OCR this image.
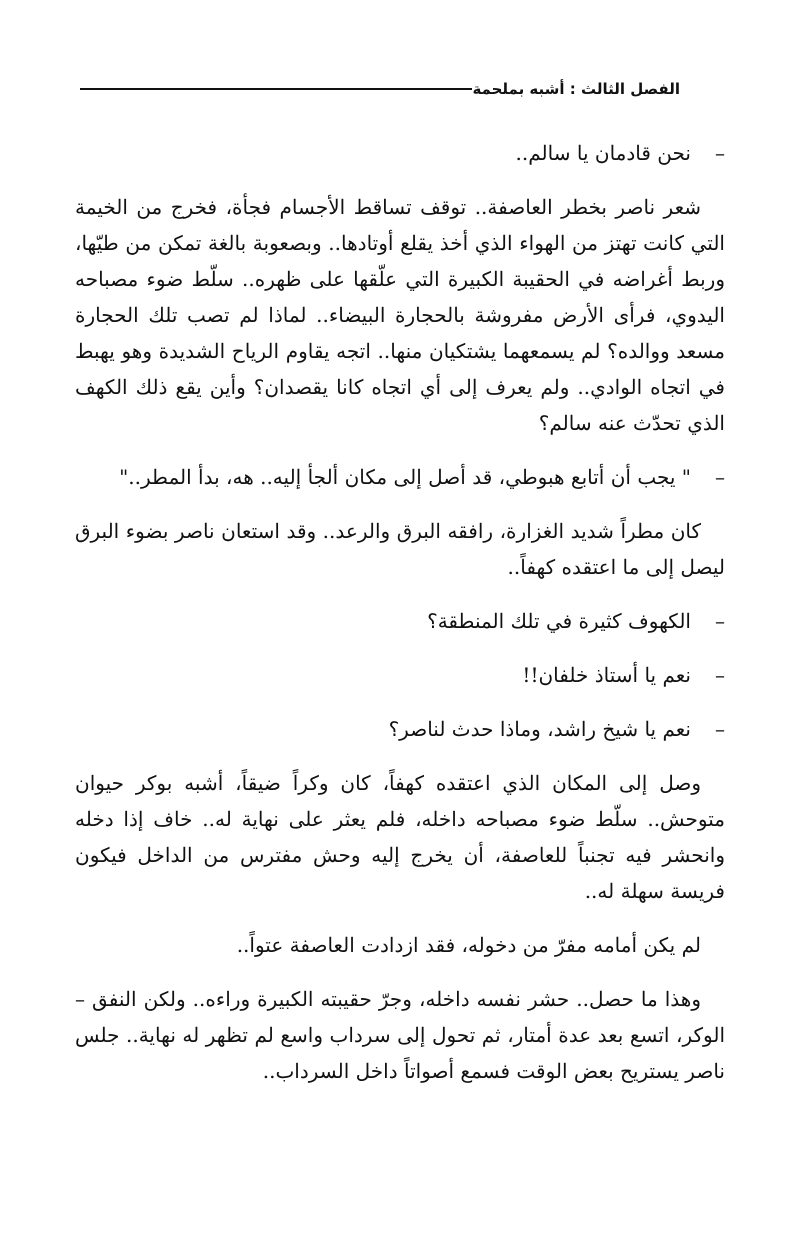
الفصل الثالث : أشبه بملحمة
–
نحن قادمان يا سالم..

شعر ناصر بخطر العاصفة.. توقف تساقط الأجسام فجأة، فخرج من الخيمة التي كانت تهتز من الهواء الذي أخذ يقلع أوتادها.. وبصعوبة بالغة تمكن من طيّها، وربط أغراضه في الحقيبة الكبيرة التي علّقها على ظهره.. سلّط ضوء مصباحه اليدوي، فرأى الأرض مفروشة بالحجارة البيضاء.. لماذا لم تصب تلك الحجارة مسعد ووالده؟ لم يسمعهما يشتكيان منها.. اتجه يقاوم الرياح الشديدة وهو يهبط في اتجاه الوادي.. ولم يعرف إلى أي اتجاه كانا يقصدان؟ وأين يقع ذلك الكهف الذي تحدّث عنه سالم؟

–
" يجب أن أتابع هبوطي، قد أصل إلى مكان ألجأ إليه.. هه، بدأ المطر.."

كان مطراً شديد الغزارة، رافقه البرق والرعد.. وقد استعان ناصر بضوء البرق ليصل إلى ما اعتقده كهفاً..

–
الكهوف كثيرة في تلك المنطقة؟
–
نعم يا أستاذ خلفان!!
–
نعم يا شيخ راشد، وماذا حدث لناصر؟

وصل إلى المكان الذي اعتقده كهفاً، كان وكراً ضيقاً، أشبه بوكر حيوان متوحش.. سلّط ضوء مصباحه داخله، فلم يعثر على نهاية له.. خاف إذا دخله وانحشر فيه تجنباً للعاصفة، أن يخرج إليه وحش مفترس من الداخل فيكون فريسة سهلة له..

لم يكن أمامه مفرّ من دخوله، فقد ازدادت العاصفة عتواً..

وهذا ما حصل.. حشر نفسه داخله، وجرّ حقيبته الكبيرة وراءه.. ولكن النفق – الوكر، اتسع بعد عدة أمتار، ثم تحول إلى سرداب واسع لم تظهر له نهاية.. جلس ناصر يستريح بعض الوقت فسمع أصواتاً داخل السرداب..
